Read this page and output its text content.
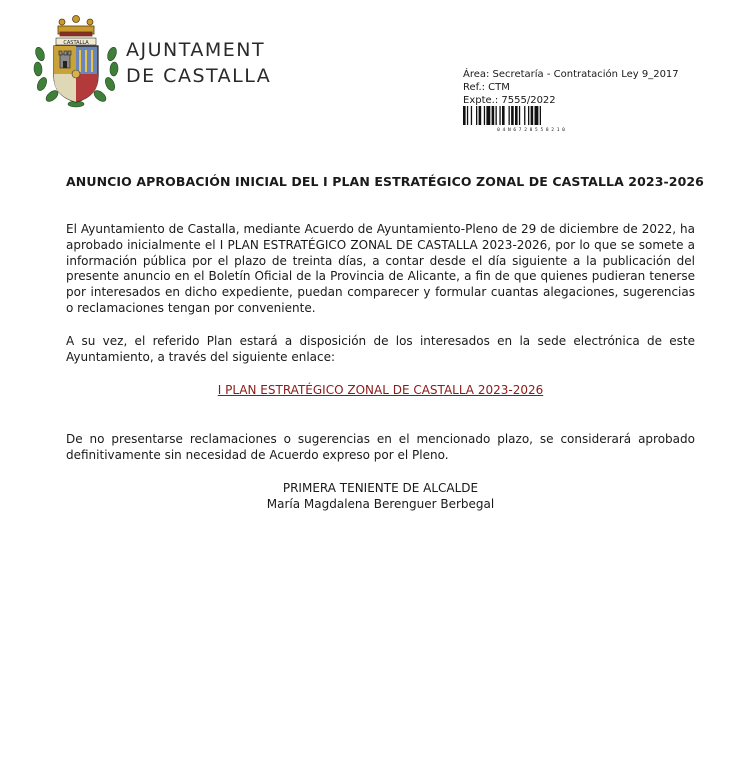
CASTALLA AJUNTAMENT
DE CASTALLA	Área: Secretaría - Contratación Ley 9_2017
Ref.: CTM
Expte.: 7555/2022
0 4 N 6 7 2 8 5 5 8 2 1 0
ANUNCIO APROBACIÓN INICIAL DEL I PLAN ESTRATÉGICO ZONAL DE CASTALLA 2023-2026

El Ayuntamiento de Castalla, mediante Acuerdo de Ayuntamiento-Pleno de 29 de diciembre de 2022, ha aprobado inicialmente el I PLAN ESTRATÉGICO ZONAL DE CASTALLA 2023-2026, por lo que se somete a información pública por el plazo de treinta días, a contar desde el día siguiente a la publicación del presente anuncio en el Boletín Oficial de la Provincia de Alicante, a fin de que quienes pudieran tenerse por interesados en dicho expediente, puedan comparecer y formular cuantas alegaciones, sugerencias o reclamaciones tengan por conveniente.

A su vez, el referido Plan estará a disposición de los interesados en la sede electrónica de este Ayuntamiento, a través del siguiente enlace:

I PLAN ESTRATÉGICO ZONAL DE CASTALLA 2023-2026

De no presentarse reclamaciones o sugerencias en el mencionado plazo, se considerará aprobado definitivamente sin necesidad de Acuerdo expreso por el Pleno.

PRIMERA TENIENTE DE ALCALDE
María Magdalena Berenguer Berbegal
